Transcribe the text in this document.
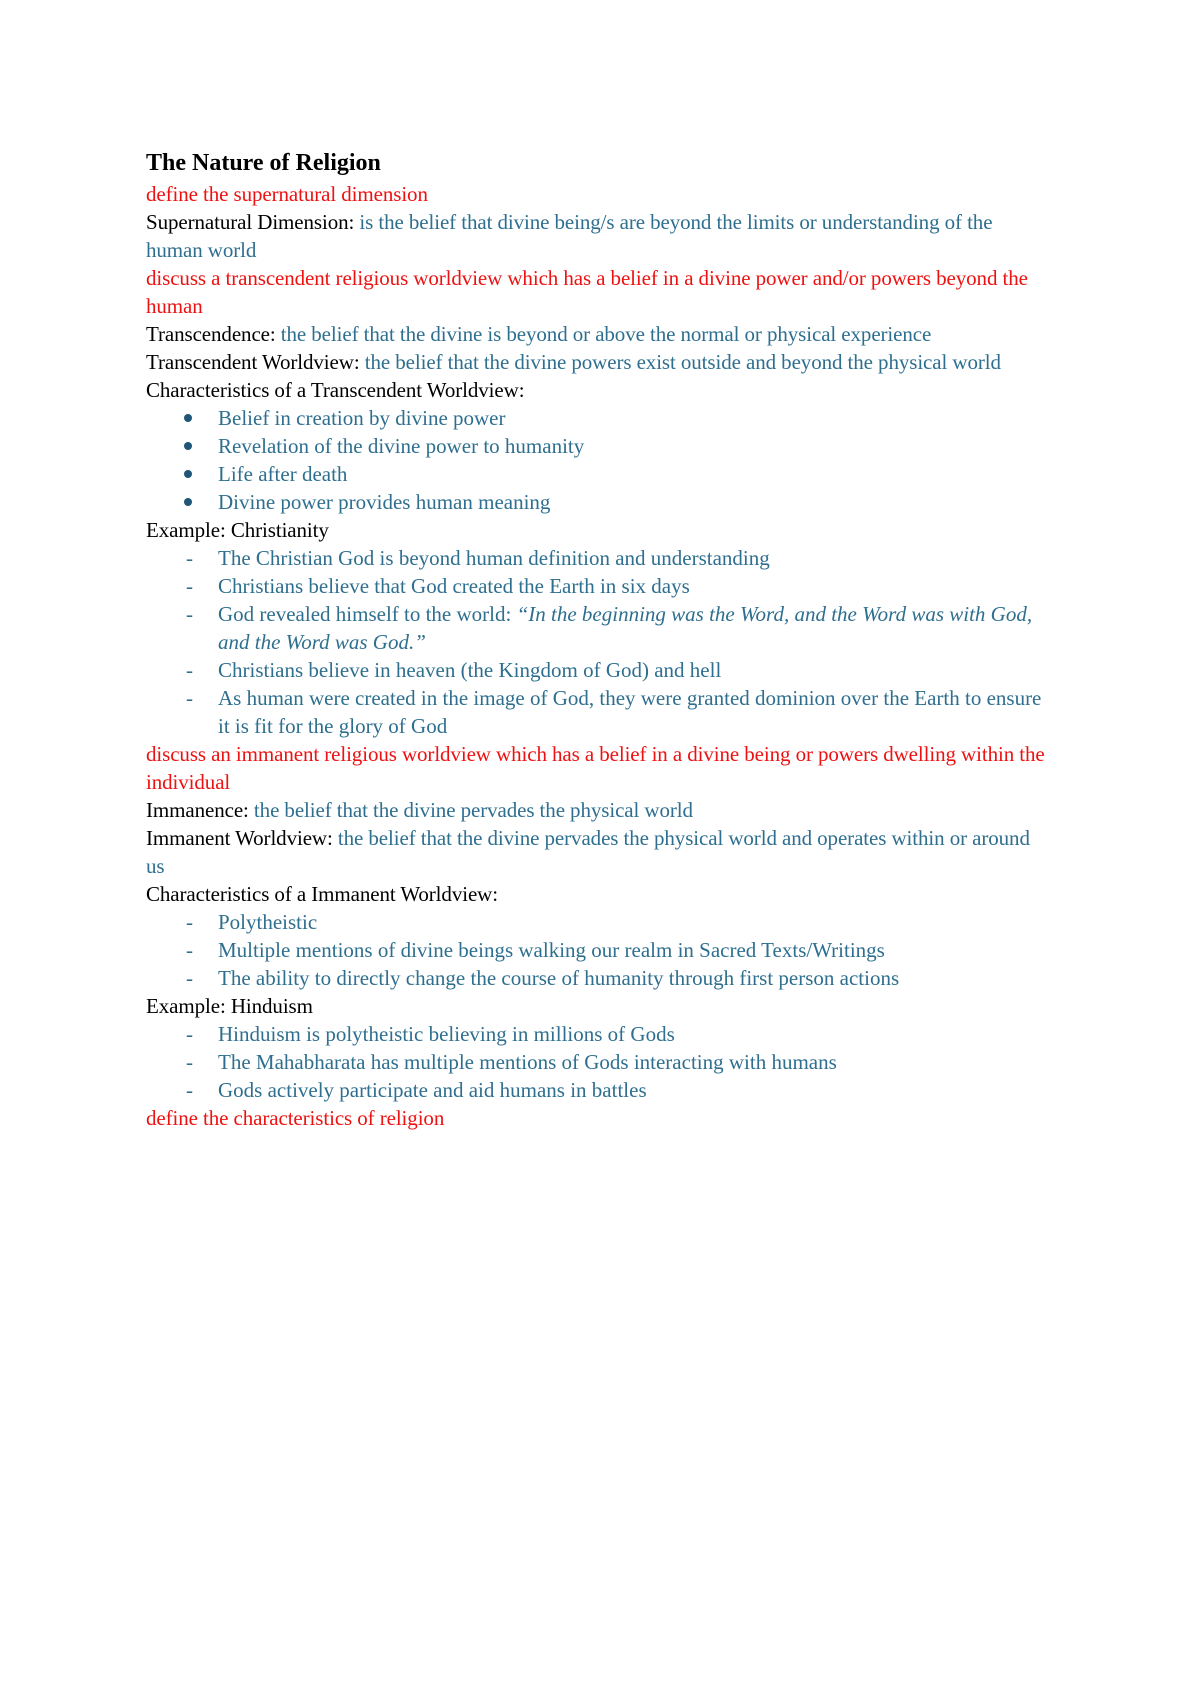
The Nature of Religion

define the supernatural dimension

Supernatural Dimension: is the belief that divine being/s are beyond the limits or understanding of the human world

discuss a transcendent religious worldview which has a belief in a divine power and/or powers beyond the human

Transcendence: the belief that the divine is beyond or above the normal or physical experience

Transcendent Worldview: the belief that the divine powers exist outside and beyond the physical world

Characteristics of a Transcendent Worldview:

Belief in creation by divine power
Revelation of the divine power to humanity
Life after death
Divine power provides human meaning

Example: Christianity

- The Christian God is beyond human definition and understanding
- Christians believe that God created the Earth in six days
- God revealed himself to the world: “In the beginning was the Word, and the Word was with God, and the Word was God.”
- Christians believe in heaven (the Kingdom of God) and hell
- As human were created in the image of God, they were granted dominion over the Earth to ensure it is fit for the glory of God

discuss an immanent religious worldview which has a belief in a divine being or powers dwelling within the individual

Immanence: the belief that the divine pervades the physical world

Immanent Worldview: the belief that the divine pervades the physical world and operates within or around us

Characteristics of a Immanent Worldview:

- Polytheistic
- Multiple mentions of divine beings walking our realm in Sacred Texts/Writings
- The ability to directly change the course of humanity through first person actions

Example: Hinduism

- Hinduism is polytheistic believing in millions of Gods
- The Mahabharata has multiple mentions of Gods interacting with humans
- Gods actively participate and aid humans in battles

define the characteristics of religion
